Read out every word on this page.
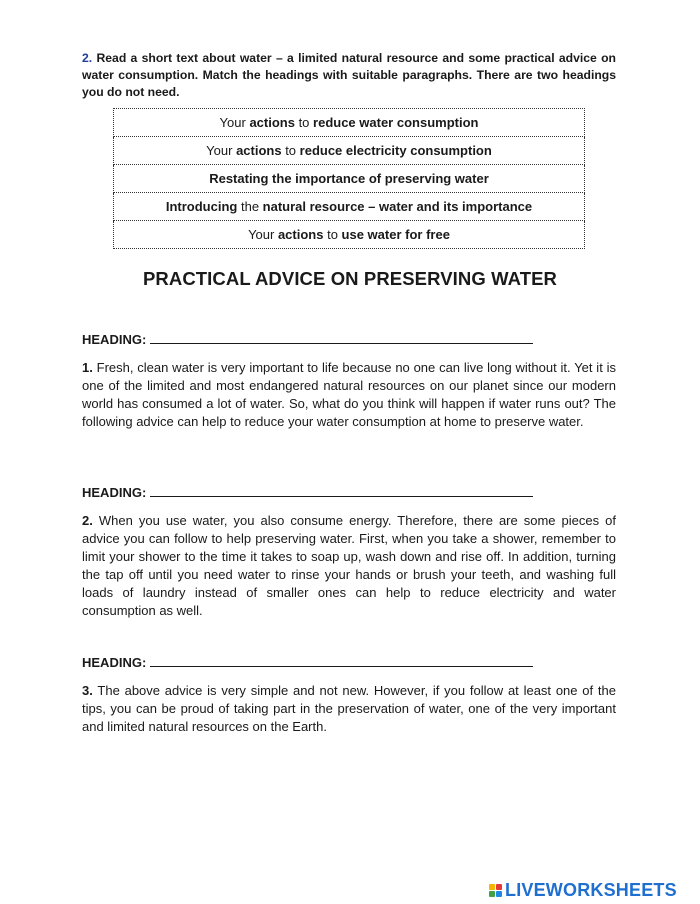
2. Read a short text about water – a limited natural resource and some practical advice on water consumption. Match the headings with suitable paragraphs. There are two headings you do not need.
Your actions to reduce water consumption
Your actions to reduce electricity consumption
Restating the importance of preserving water
Introducing the natural resource – water and its importance
Your actions to use water for free
PRACTICAL ADVICE ON PRESERVING WATER
HEADING:
1. Fresh, clean water is very important to life because no one can live long without it. Yet it is one of the limited and most endangered natural resources on our planet since our modern world has consumed a lot of water. So, what do you think will happen if water runs out? The following advice can help to reduce your water consumption at home to preserve water.
HEADING:
2. When you use water, you also consume energy. Therefore, there are some pieces of advice you can follow to help preserving water. First, when you take a shower, remember to limit your shower to the time it takes to soap up, wash down and rise off. In addition, turning the tap off until you need water to rinse your hands or brush your teeth, and washing full loads of laundry instead of smaller ones can help to reduce electricity and water consumption as well.
HEADING:
3. The above advice is very simple and not new. However, if you follow at least one of the tips, you can be proud of taking part in the preservation of water, one of the very important and limited natural resources on the Earth.
LIVEWORKSHEETS
